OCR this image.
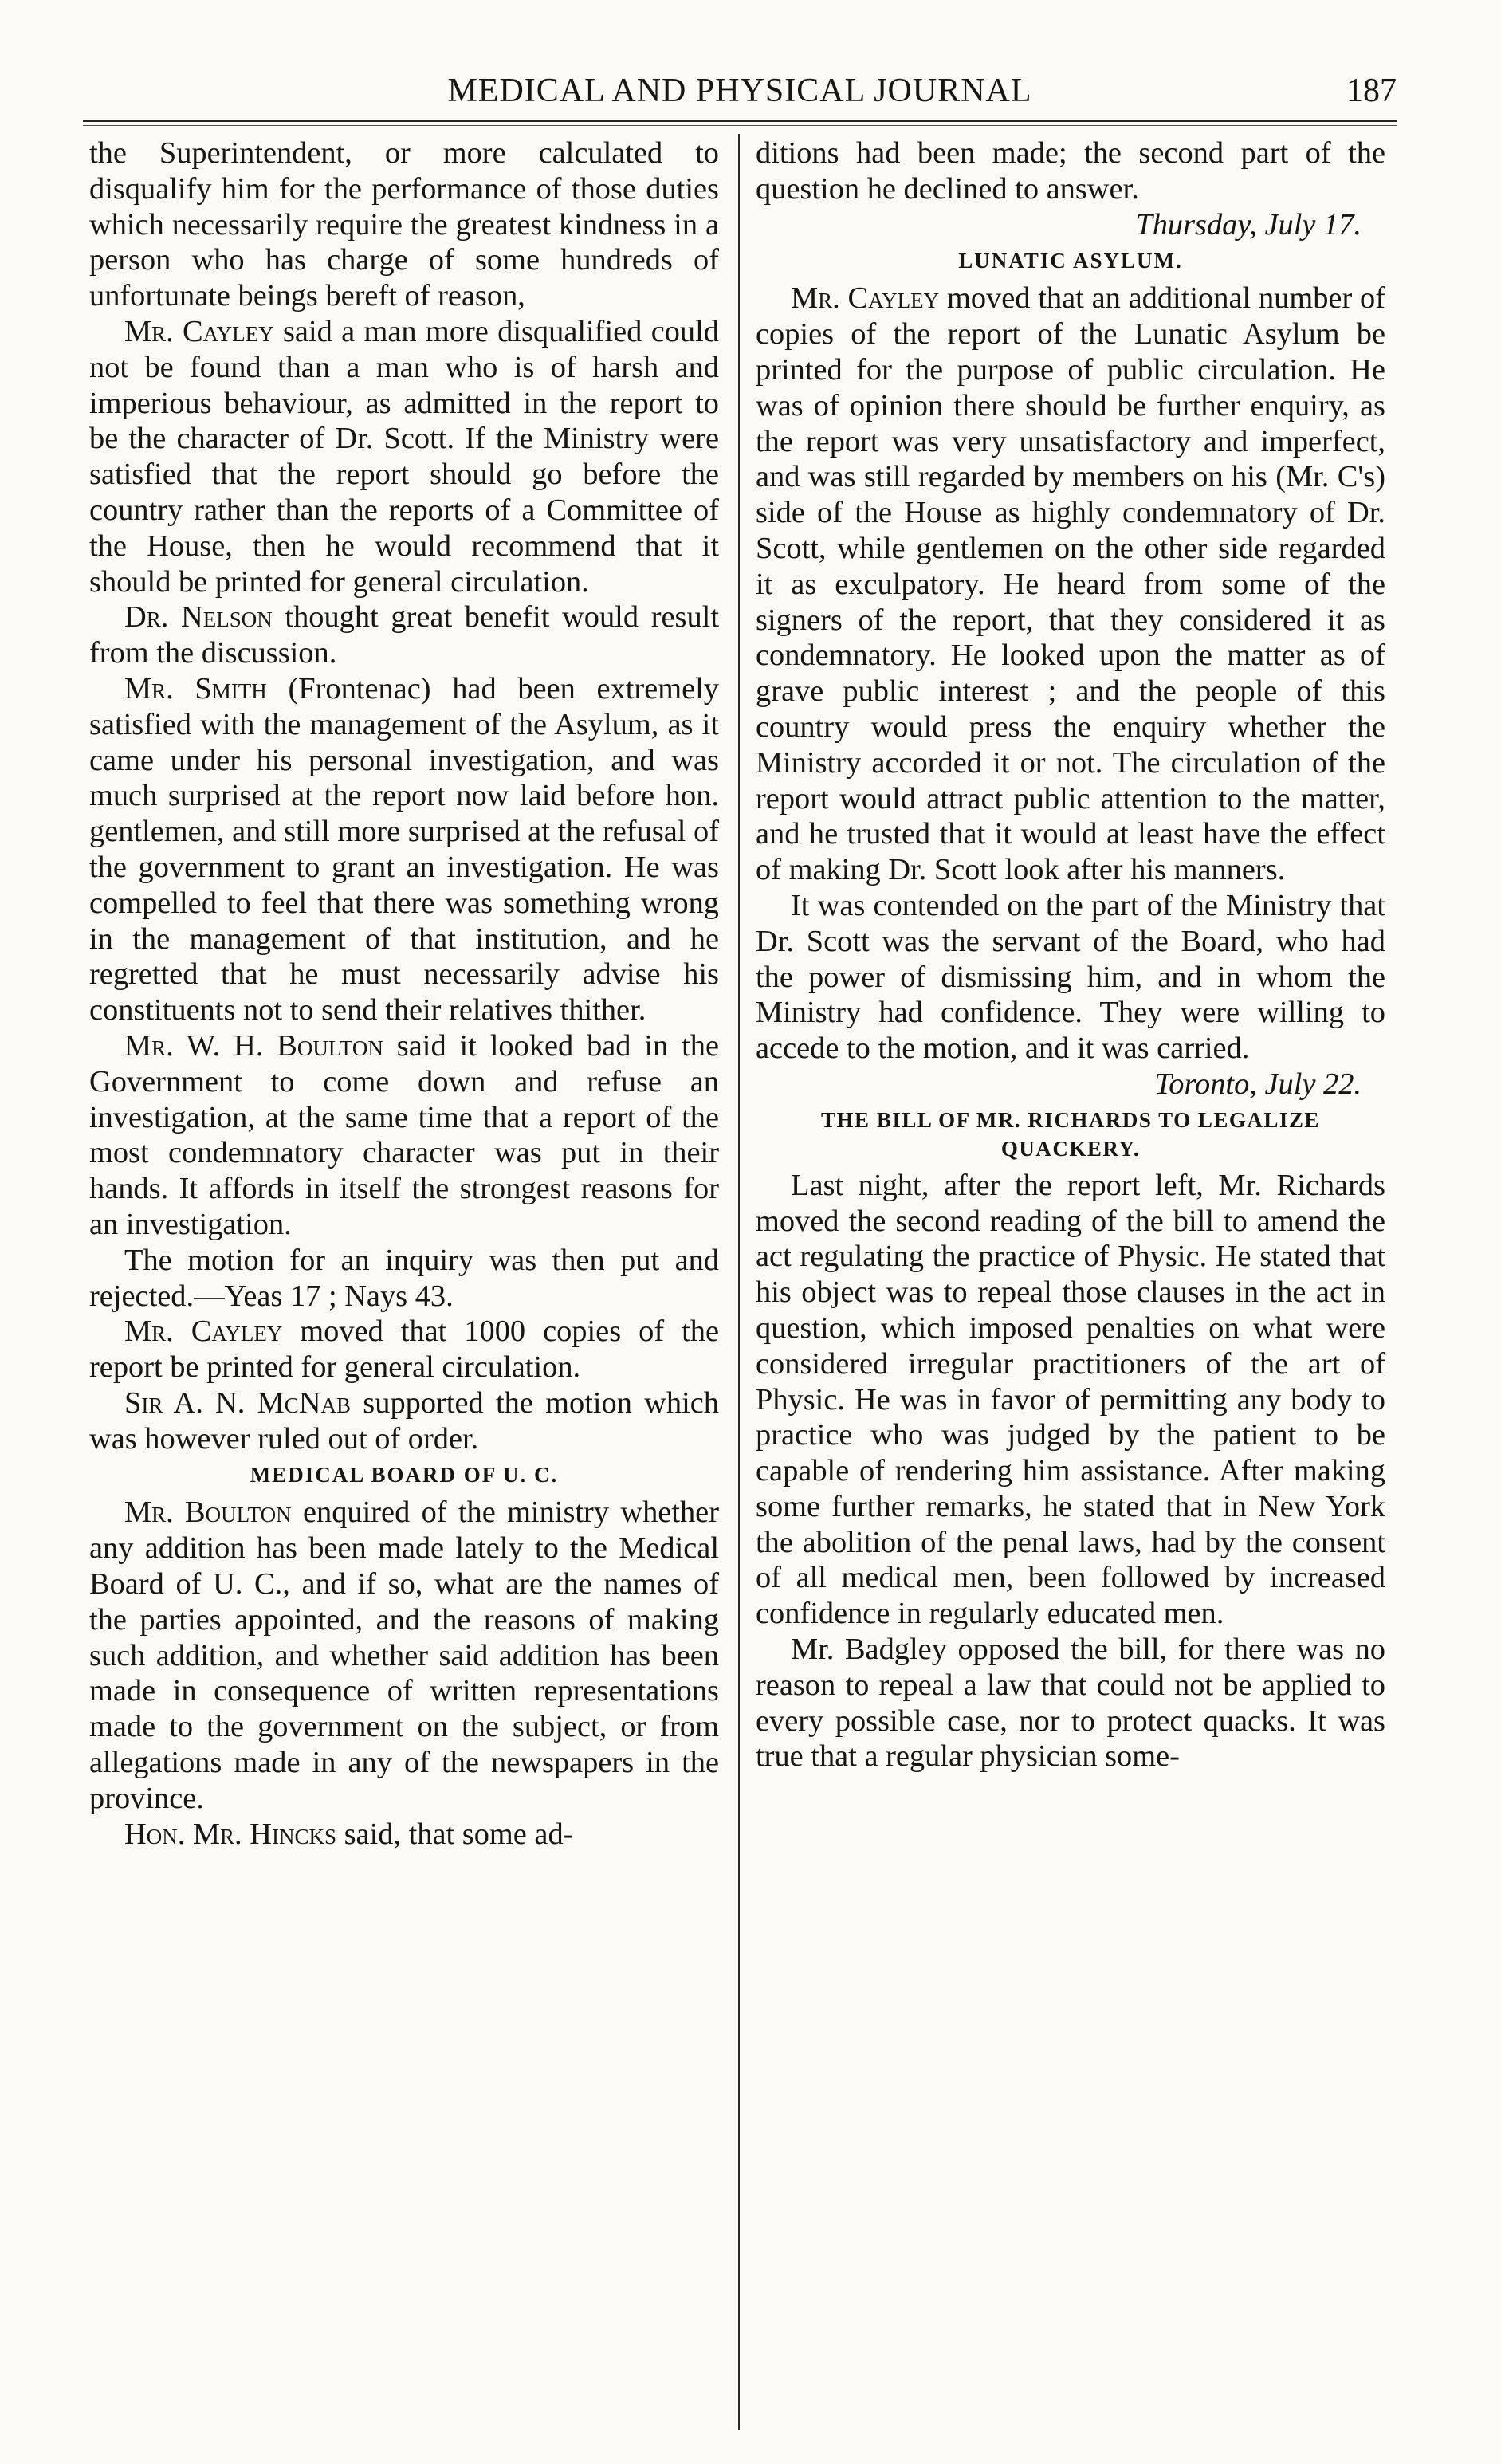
MEDICAL AND PHYSICAL JOURNAL	187

the Superintendent, or more calculated to disqualify him for the performance of those duties which necessarily require the greatest kindness in a person who has charge of some hundreds of unfortunate beings bereft of reason,

Mr. Cayley said a man more disqualified could not be found than a man who is of harsh and imperious behaviour, as admitted in the report to be the character of Dr. Scott. If the Ministry were satisfied that the report should go before the country rather than the reports of a Committee of the House, then he would recommend that it should be printed for general circulation.

Dr. Nelson thought great benefit would result from the discussion.

Mr. Smith (Frontenac) had been extremely satisfied with the management of the Asylum, as it came under his personal investigation, and was much surprised at the report now laid before hon. gentlemen, and still more surprised at the refusal of the government to grant an investigation. He was compelled to feel that there was something wrong in the management of that institution, and he regretted that he must necessarily advise his constituents not to send their relatives thither.

Mr. W. H. Boulton said it looked bad in the Government to come down and refuse an investigation, at the same time that a report of the most condemnatory character was put in their hands. It affords in itself the strongest reasons for an investigation.

The motion for an inquiry was then put and rejected.—Yeas 17 ; Nays 43.

Mr. Cayley moved that 1000 copies of the report be printed for general circulation.

Sir A. N. McNab supported the motion which was however ruled out of order.

MEDICAL BOARD OF U. C.

Mr. Boulton enquired of the ministry whether any addition has been made lately to the Medical Board of U. C., and if so, what are the names of the parties appointed, and the reasons of making such addition, and whether said addition has been made in consequence of written representations made to the government on the subject, or from allegations made in any of the newspapers in the province.

Hon. Mr. Hincks said, that some ad-

ditions had been made; the second part of the question he declined to answer.

Thursday, July 17.

LUNATIC ASYLUM.

Mr. Cayley moved that an additional number of copies of the report of the Lunatic Asylum be printed for the purpose of public circulation. He was of opinion there should be further enquiry, as the report was very unsatisfactory and imperfect, and was still regarded by members on his (Mr. C's) side of the House as highly condemnatory of Dr. Scott, while gentlemen on the other side regarded it as exculpatory. He heard from some of the signers of the report, that they considered it as condemnatory. He looked upon the matter as of grave public interest ; and the people of this country would press the enquiry whether the Ministry accorded it or not. The circulation of the report would attract public attention to the matter, and he trusted that it would at least have the effect of making Dr. Scott look after his manners.

It was contended on the part of the Ministry that Dr. Scott was the servant of the Board, who had the power of dismissing him, and in whom the Ministry had confidence. They were willing to accede to the motion, and it was carried.

Toronto, July 22.

THE BILL OF MR. RICHARDS TO LEGALIZE QUACKERY.

Last night, after the report left, Mr. Richards moved the second reading of the bill to amend the act regulating the practice of Physic. He stated that his object was to repeal those clauses in the act in question, which imposed penalties on what were considered irregular practitioners of the art of Physic. He was in favor of permitting any body to practice who was judged by the patient to be capable of rendering him assistance. After making some further remarks, he stated that in New York the abolition of the penal laws, had by the consent of all medical men, been followed by increased confidence in regularly educated men.

Mr. Badgley opposed the bill, for there was no reason to repeal a law that could not be applied to every possible case, nor to protect quacks. It was true that a regular physician some-
